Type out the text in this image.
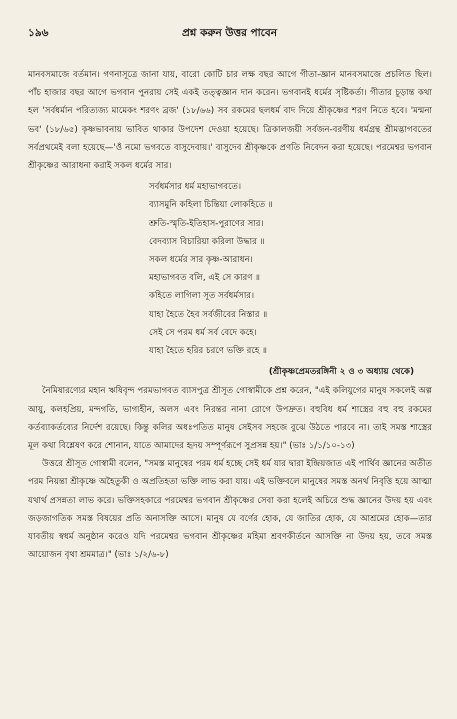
১৯৬	প্রশ্ন করুন উত্তর পাবেন

মানবসমাজে বর্তমান। গণনাসূত্রে জানা যায়, বারো কোটি চার লক্ষ বছর আগে গীতা-জ্ঞান মানবসমাজে প্রচলিত ছিল। পাঁচ হাজার বছর আগে ভগবান পুনরায় সেই একই তত্ত্বজ্ঞান দান করেন। ভগবানই ধর্মের সৃষ্টিকর্তা। গীতার চূড়ান্ত কথা হল 'সর্বধর্মান পরিত্যজ্য মামেকং শরণং ব্রজ' (১৮/৬৬) সব রকমের ছলধর্ম বাদ দিয়ে শ্রীকৃষ্ণের শরণ নিতে হবে। 'মন্মনা ভব' (১৮/৬৫) কৃষ্ণভাবনায় ভাবিত থাকার উপদেশ দেওয়া হয়েছে। ত্রিকালজয়ী সর্বজন-বরণীয় ধর্মগ্রন্থ শ্রীমদ্ভাগবতের সর্বপ্রথমেই বলা হয়েছে—'ওঁ নমো ভগবতে বাসুদেবায়।' বাসুদেব শ্রীকৃষ্ণকে প্রণতি নিবেদন করা হয়েছে। পরমেশ্বর ভগবান শ্রীকৃষ্ণের আরাধনা করাই সকল ধর্মের সার।

সর্বধর্মসার ধর্ম মহাভাগবতে।
ব্যাসমুনি কহিলা চিন্তিয়া লোকহিতে ॥
শ্রুতি-স্মৃতি-ইতিহাস-পুরাণের সার।
বেদব্যাস বিচারিয়া করিলা উদ্ধার ॥
সকল ধর্মের সার কৃষ্ণ-আরাধন।
মহাভাগবত বলি, এই সে কারণ ॥
কহিতে লাগিলা সূত সর্বধর্মসার।
যাহা হৈতে হৈব সর্বজীবের নিস্তার ॥
সেই সে পরম ধর্ম সর্ব বেদে কহে।
যাহা হৈতে হরির চরণে ভক্তি রহে ॥
(শ্রীকৃষ্ণপ্রেমতরঙ্গিনী ২ ও ৩ অধ্যায় থেকে)

নৈমিষারণ্যের মহান ঋষিবৃন্দ পরমভাগবত ব্যাসপুত্র শ্রীসূত গোস্বামীকে প্রশ্ন করেন, "এই কলিযুগের মানুষ সকলেই অল্প আয়ু, কলহপ্রিয়, মন্দগতি, ভাগ্যহীন, অলস এবং নিরন্তর নানা রোগে উপদ্রুত। বহুবিধ ধর্ম শাস্ত্রের বহু বহু রকমের কর্তব্যাকর্তব্যের নির্দেশ রয়েছে। কিন্তু কলির অধঃপতিত মানুষ সেইসব সহজে বুঝে উঠতে পারবে না। তাই সমস্ত শাস্ত্রের মূল কথা বিশ্লেষণ করে শোনান, যাতে আমাদের হৃদয় সম্পূর্ণরূপে সুপ্রসন্ন হয়।" (ভাঃ ১/১/১০-১৩)

উত্তরে শ্রীসূত গোস্বামী বলেন, "সমস্ত মানুষের পরম ধর্ম হচ্ছে সেই ধর্ম যার দ্বারা ইন্দ্রিয়জাত এই পার্থিব জ্ঞানের অতীত পরম নিয়ন্তা শ্রীকৃষ্ণে অহৈতুকী ও অপ্রতিহতা ভক্তি লাভ করা যায়। এই ভক্তিবলে মানুষের সমস্ত অনর্থ নিবৃত্তি হয়ে আত্মা যথার্থ প্রসন্নতা লাভ করে। ভক্তিসহকারে পরমেশ্বর ভগবান শ্রীকৃষ্ণের সেবা করা হলেই অচিরে শুদ্ধ জ্ঞানের উদয় হয় এবং জড়জাগতিক সমস্ত বিষয়ের প্রতি অনাসক্তি আসে। মানুষ যে বর্ণের হোক, যে জাতির হোক, যে আশ্রমের হোক—তার যাবতীয় স্বধর্ম অনুষ্ঠান করেও যদি পরমেশ্বর ভগবান শ্রীকৃষ্ণের মহিমা শ্রবণকীর্তনে আসক্তি না উদয় হয়, তবে সমস্ত আয়োজন বৃথা শ্রমমাত্র।" (ভাঃ ১/২/৬-৮)
